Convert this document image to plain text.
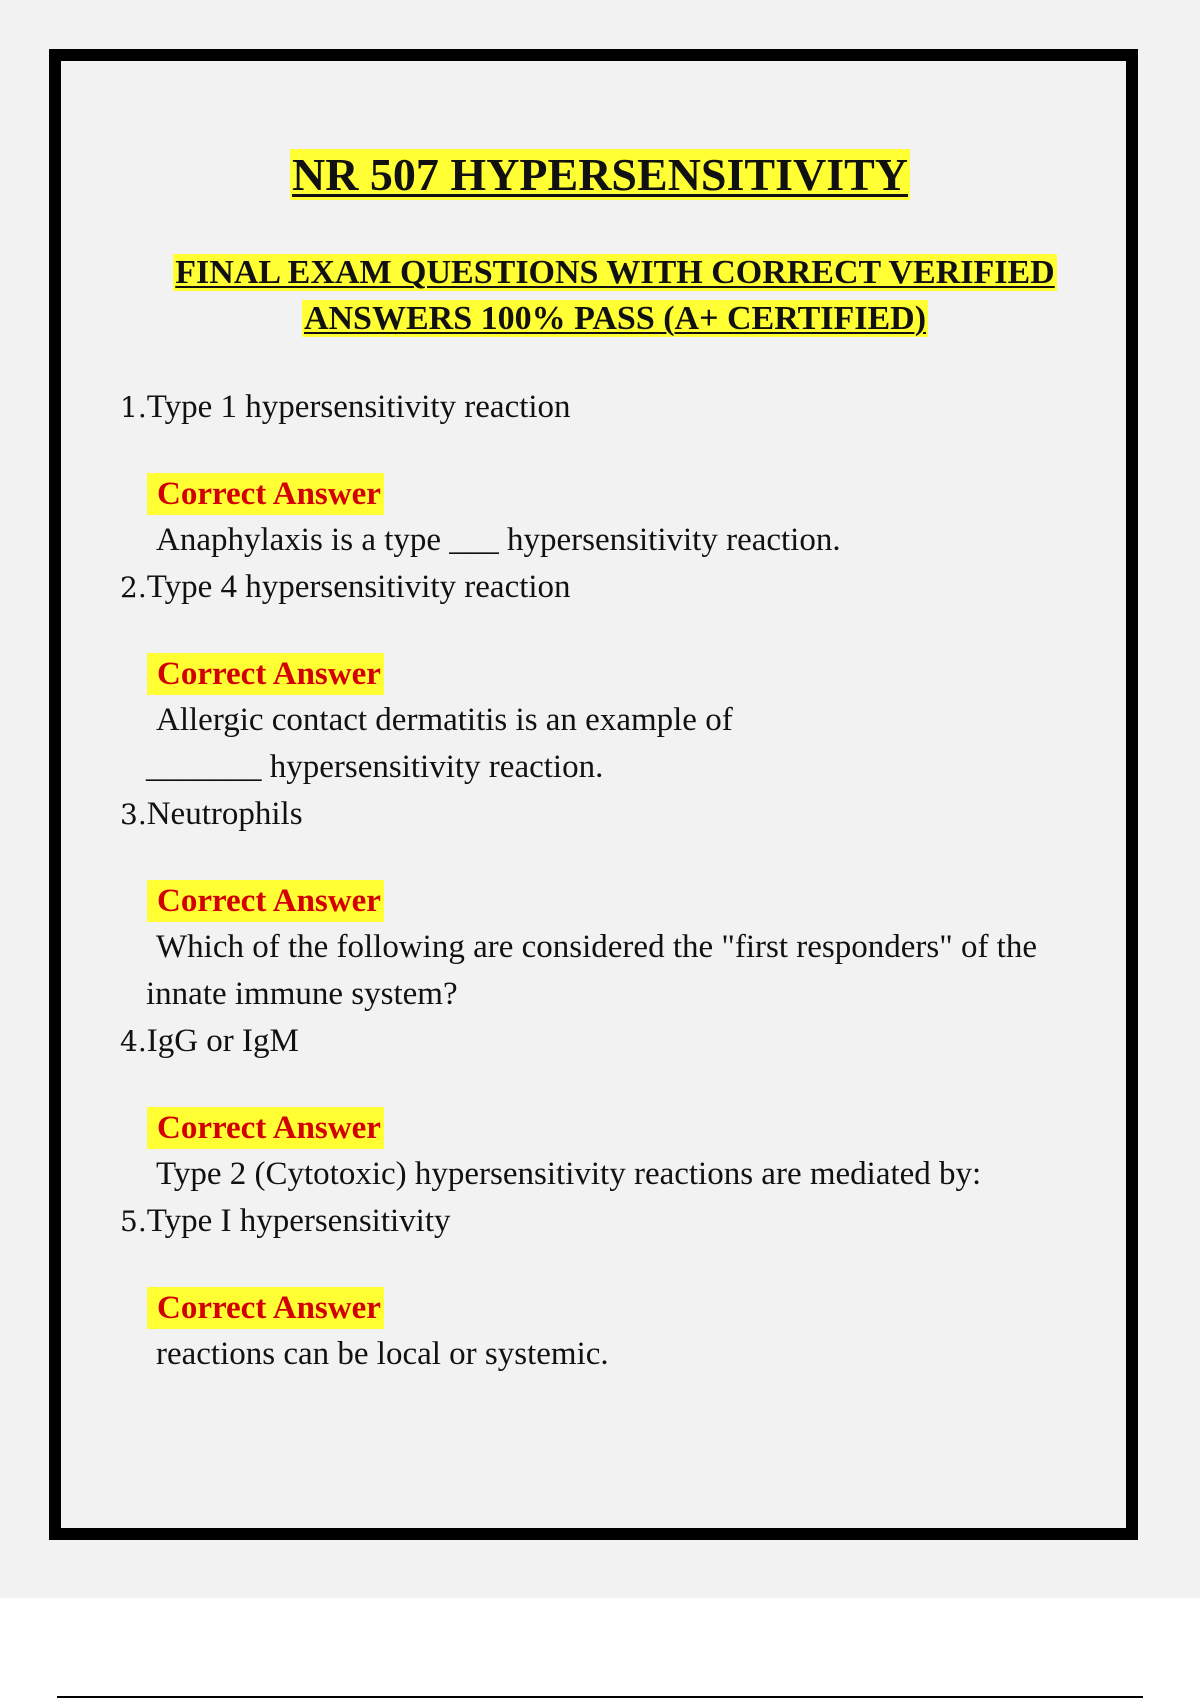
NR 507 HYPERSENSITIVITY

FINAL EXAM QUESTIONS WITH CORRECT VERIFIED ANSWERS 100% PASS (A+ CERTIFIED)

1.Type 1 hypersensitivity reaction

Correct Answer

Anaphylaxis is a type ___ hypersensitivity reaction.

2.Type 4 hypersensitivity reaction

Correct Answer

Allergic contact dermatitis is an example of _______ hypersensitivity reaction.

3.Neutrophils

Correct Answer

Which of the following are considered the "first responders" of the innate immune system?

4.IgG or IgM

Correct Answer

Type 2 (Cytotoxic) hypersensitivity reactions are mediated by:

5.Type I hypersensitivity

Correct Answer

reactions can be local or systemic.
